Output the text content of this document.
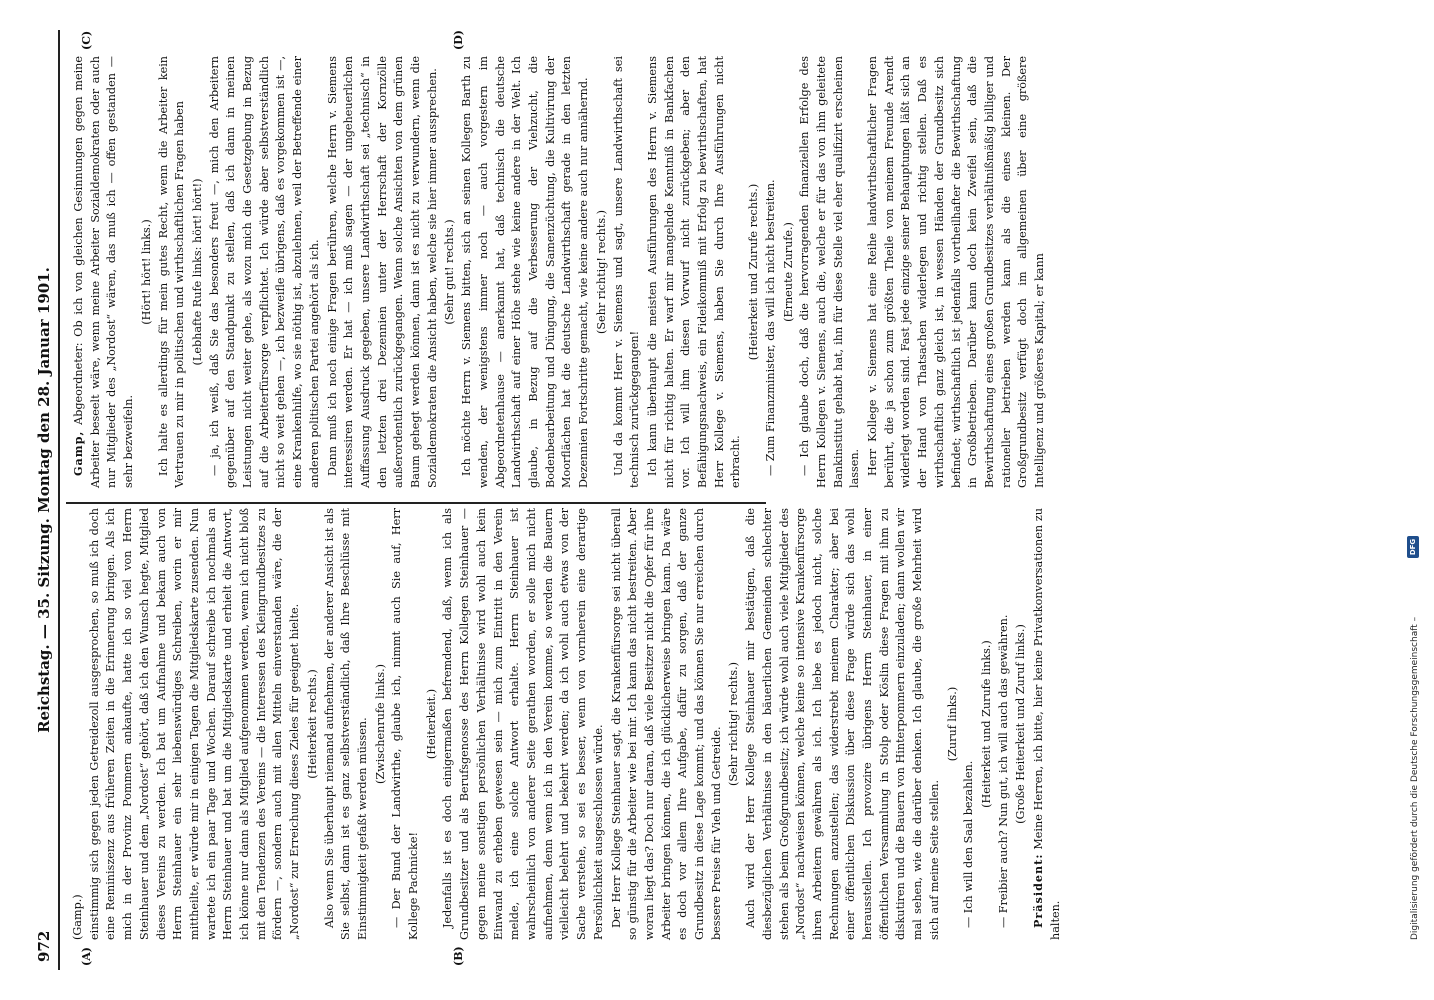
972
Reichstag. — 35. Sitzung. Montag den 28. Januar 1901.
(A)	(B)
(C)	(D)

(Gamp.) einstimmig sich gegen jeden Getreidezoll ausgesprochen, so muß ich doch eine Reminiszenz aus früheren Zeiten in die Erinnerung bringen. Als ich mich in der Provinz Pommern ankaufte, hatte ich so viel von Herrn Steinhauer und dem „Nordost“ gehört, daß ich den Wunsch hegte, Mitglied dieses Vereins zu werden. Ich bat um Aufnahme und bekam auch von Herrn Steinhauer ein sehr liebenswürdiges Schreiben, worin er mir mittheilte, er würde mir in einigen Tagen die Mitgliedskarte zusenden. Nun wartete ich ein paar Tage und Wochen. Darauf schreibe ich nochmals an Herrn Steinhauer und bat um die Mitgliedskarte und erhielt die Antwort, ich könne nur dann als Mitglied aufgenommen werden, wenn ich nicht bloß mit den Tendenzen des Vereins — die Interessen des Kleingrundbesitzes zu fördern —, sondern auch mit allen Mitteln einverstanden wäre, die der „Nordost“ zur Erreichung dieses Zieles für geeignet hielte. (Heiterkeit rechts.) Also wenn Sie überhaupt niemand aufnehmen, der anderer Ansicht ist als Sie selbst, dann ist es ganz selbstverständlich, daß Ihre Beschlüsse mit Einstimmigkeit gefaßt werden müssen. (Zwischenrufe links.) — Der Bund der Landwirthe, glaube ich, nimmt auch Sie auf, Herr Kollege Pachnicke!

(Heiterkeit.) Jedenfalls ist es doch einigermaßen befremdend, daß, wenn ich als Grundbesitzer und als Berufsgenosse des Herrn Kollegen Steinhauer — gegen meine sonstigen persönlichen Verhältnisse wird wohl auch kein Einwand zu erheben gewesen sein — mich zum Eintritt in den Verein melde, ich eine solche Antwort erhalte. Herrn Steinhauer ist wahrscheinlich von anderer Seite gerathen worden, er solle mich nicht aufnehmen, denn wenn ich in den Verein komme, so werden die Bauern vielleicht belehrt und bekehrt werden; da ich wohl auch etwas von der Sache verstehe, so sei es besser, wenn von vornherein eine derartige Persönlichkeit ausgeschlossen würde. Der Herr Kollege Steinhauer sagt, die Krankenfürsorge sei nicht überall so günstig für die Arbeiter wie bei mir. Ich kann das nicht bestreiten. Aber woran liegt das? Doch nur daran, daß viele Besitzer nicht die Opfer für ihre Arbeiter bringen können, die ich glücklicherweise bringen kann. Da wäre es doch vor allem Ihre Aufgabe, dafür zu sorgen, daß der ganze Grundbesitz in diese Lage kommt; und das können Sie nur erreichen durch bessere Preise für Vieh und Getreide.

(Sehr richtig! rechts.) Auch wird der Herr Kollege Steinhauer mir bestätigen, daß die diesbezüglichen Verhältnisse in den bäuerlichen Gemeinden schlechter stehen als beim Großgrundbesitz; ich würde wohl auch viele Mitglieder des „Nordost“ nachweisen können, welche keine so intensive Krankenfürsorge ihren Arbeitern gewähren als ich. Ich liebe es jedoch nicht, solche Rechnungen anzustellen; das widerstrebt meinem Charakter; aber bei einer öffentlichen Diskussion über diese Frage würde sich das wohl herausstellen. Ich provozire übrigens Herrn Steinhauer, in einer öffentlichen Versammlung in Stolp oder Köslin diese Fragen mit ihm zu diskutiren und die Bauern von Hinterpommern einzuladen; dann wollen wir mal sehen, wie die darüber denken. Ich glaube, die große Mehrheit wird sich auf meine Seite stellen.

(Zuruf links.)

— Ich will den Saal bezahlen.

(Heiterkeit und Zurufe links.) — Freibier auch? Nun gut, ich will auch das gewähren. (Große Heiterkeit und Zuruf links.)

Präsident: Meine Herren, ich bitte, hier keine Privatkonversationen zu halten.

Gamp, Abgeordneter: Ob ich von gleichen Gesinnungen gegen meine Arbeiter beseelt wäre, wenn meine Arbeiter Sozialdemokraten oder auch nur Mitglieder des „Nordost“ wären, das muß ich — offen gestanden — sehr bezweifeln.

(Hört! hört! links.) Ich halte es allerdings für mein gutes Recht, wenn die Arbeiter kein Vertrauen zu mir in politischen und wirthschaftlichen Fragen haben (Lebhafte Rufe links: hört! hört!) — ja, ich weiß, daß Sie das besonders freut —, mich den Arbeitern gegenüber auf den Standpunkt zu stellen, daß ich dann in meinen Leistungen nicht weiter gehe, als wozu mich die Gesetzgebung in Bezug auf die Arbeiterfürsorge verpflichtet. Ich würde aber selbstverständlich nicht so weit gehen —, ich bezweifle übrigens, daß es vorgekommen ist —, eine Krankenhilfe, wo sie nöthig ist, abzulehnen, weil der Betreffende einer anderen politischen Partei angehört als ich. Dann muß ich noch einige Fragen berühren, welche Herrn v. Siemens interessiren werden. Er hat — ich muß sagen — der ungeheuerlichen Auffassung Ausdruck gegeben, unsere Landwirthschaft sei „technisch“ in den letzten drei Dezennien unter der Herrschaft der Kornzölle außerordentlich zurückgegangen. Wenn solche Ansichten von dem grünen Baum gehegt werden können, dann ist es nicht zu verwundern, wenn die Sozialdemokraten die Ansicht haben, welche sie hier immer aussprechen. (Sehr gut! rechts.) Ich möchte Herrn v. Siemens bitten, sich an seinen Kollegen Barth zu wenden, der wenigstens immer noch — auch vorgestern im Abgeordnetenhause — anerkannt hat, daß technisch die deutsche Landwirthschaft auf einer Höhe stehe wie keine andere in der Welt. Ich glaube, in Bezug auf die Verbesserung der Viehzucht, die Bodenbearbeitung und Düngung, die Samenzüchtung, die Kultivirung der Moorflächen hat die deutsche Landwirthschaft gerade in den letzten Dezennien Fortschritte gemacht, wie keine andere auch nur annähernd. (Sehr richtig! rechts.) Und da kommt Herr v. Siemens und sagt, unsere Landwirthschaft sei technisch zurückgegangen! Ich kann überhaupt die meisten Ausführungen des Herrn v. Siemens nicht für richtig halten. Er warf mir mangelnde Kenntniß in Bankfachen vor. Ich will ihm diesen Vorwurf nicht zurückgeben; aber den Befähigungsnachweis, ein Fideikommiß mit Erfolg zu bewirthschaften, hat Herr Kollege v. Siemens, haben Sie durch Ihre Ausführungen nicht erbracht.

(Heiterkeit und Zurufe rechts.) — Zum Finanzminister, das will ich nicht bestreiten. (Erneute Zurufe.) — Ich glaube doch, daß die hervorragenden finanziellen Erfolge des Herrn Kollegen v. Siemens, auch die, welche er für das von ihm geleitete Bankinstitut gehabt hat, ihn für diese Stelle viel eher qualifizirt erscheinen lassen. Herr Kollege v. Siemens hat eine Reihe landwirthschaftlicher Fragen berührt, die ja schon zum größten Theile von meinem Freunde Arendt widerlegt worden sind. Fast jede einzige seiner Behauptungen läßt sich an der Hand von Thatsachen widerlegen und richtig stellen. Daß es wirthschaftlich ganz gleich ist, in wessen Händen der Grundbesitz sich befindet; wirthschaftlich ist jedenfalls vortheilhafter die Bewirthschaftung in Großbetrieben. Darüber kann doch kein Zweifel sein, daß die Bewirthschaftung eines großen Grundbesitzes verhältnißmäßig billiger und rationeller betrieben werden kann als die eines kleinen. Der Großgrundbesitz verfügt doch im allgemeinen über eine größere Intelligenz und größeres Kapital; er kann

Digitalisierung gefördert durch die Deutsche Forschungsgemeinschaft –
DFG
